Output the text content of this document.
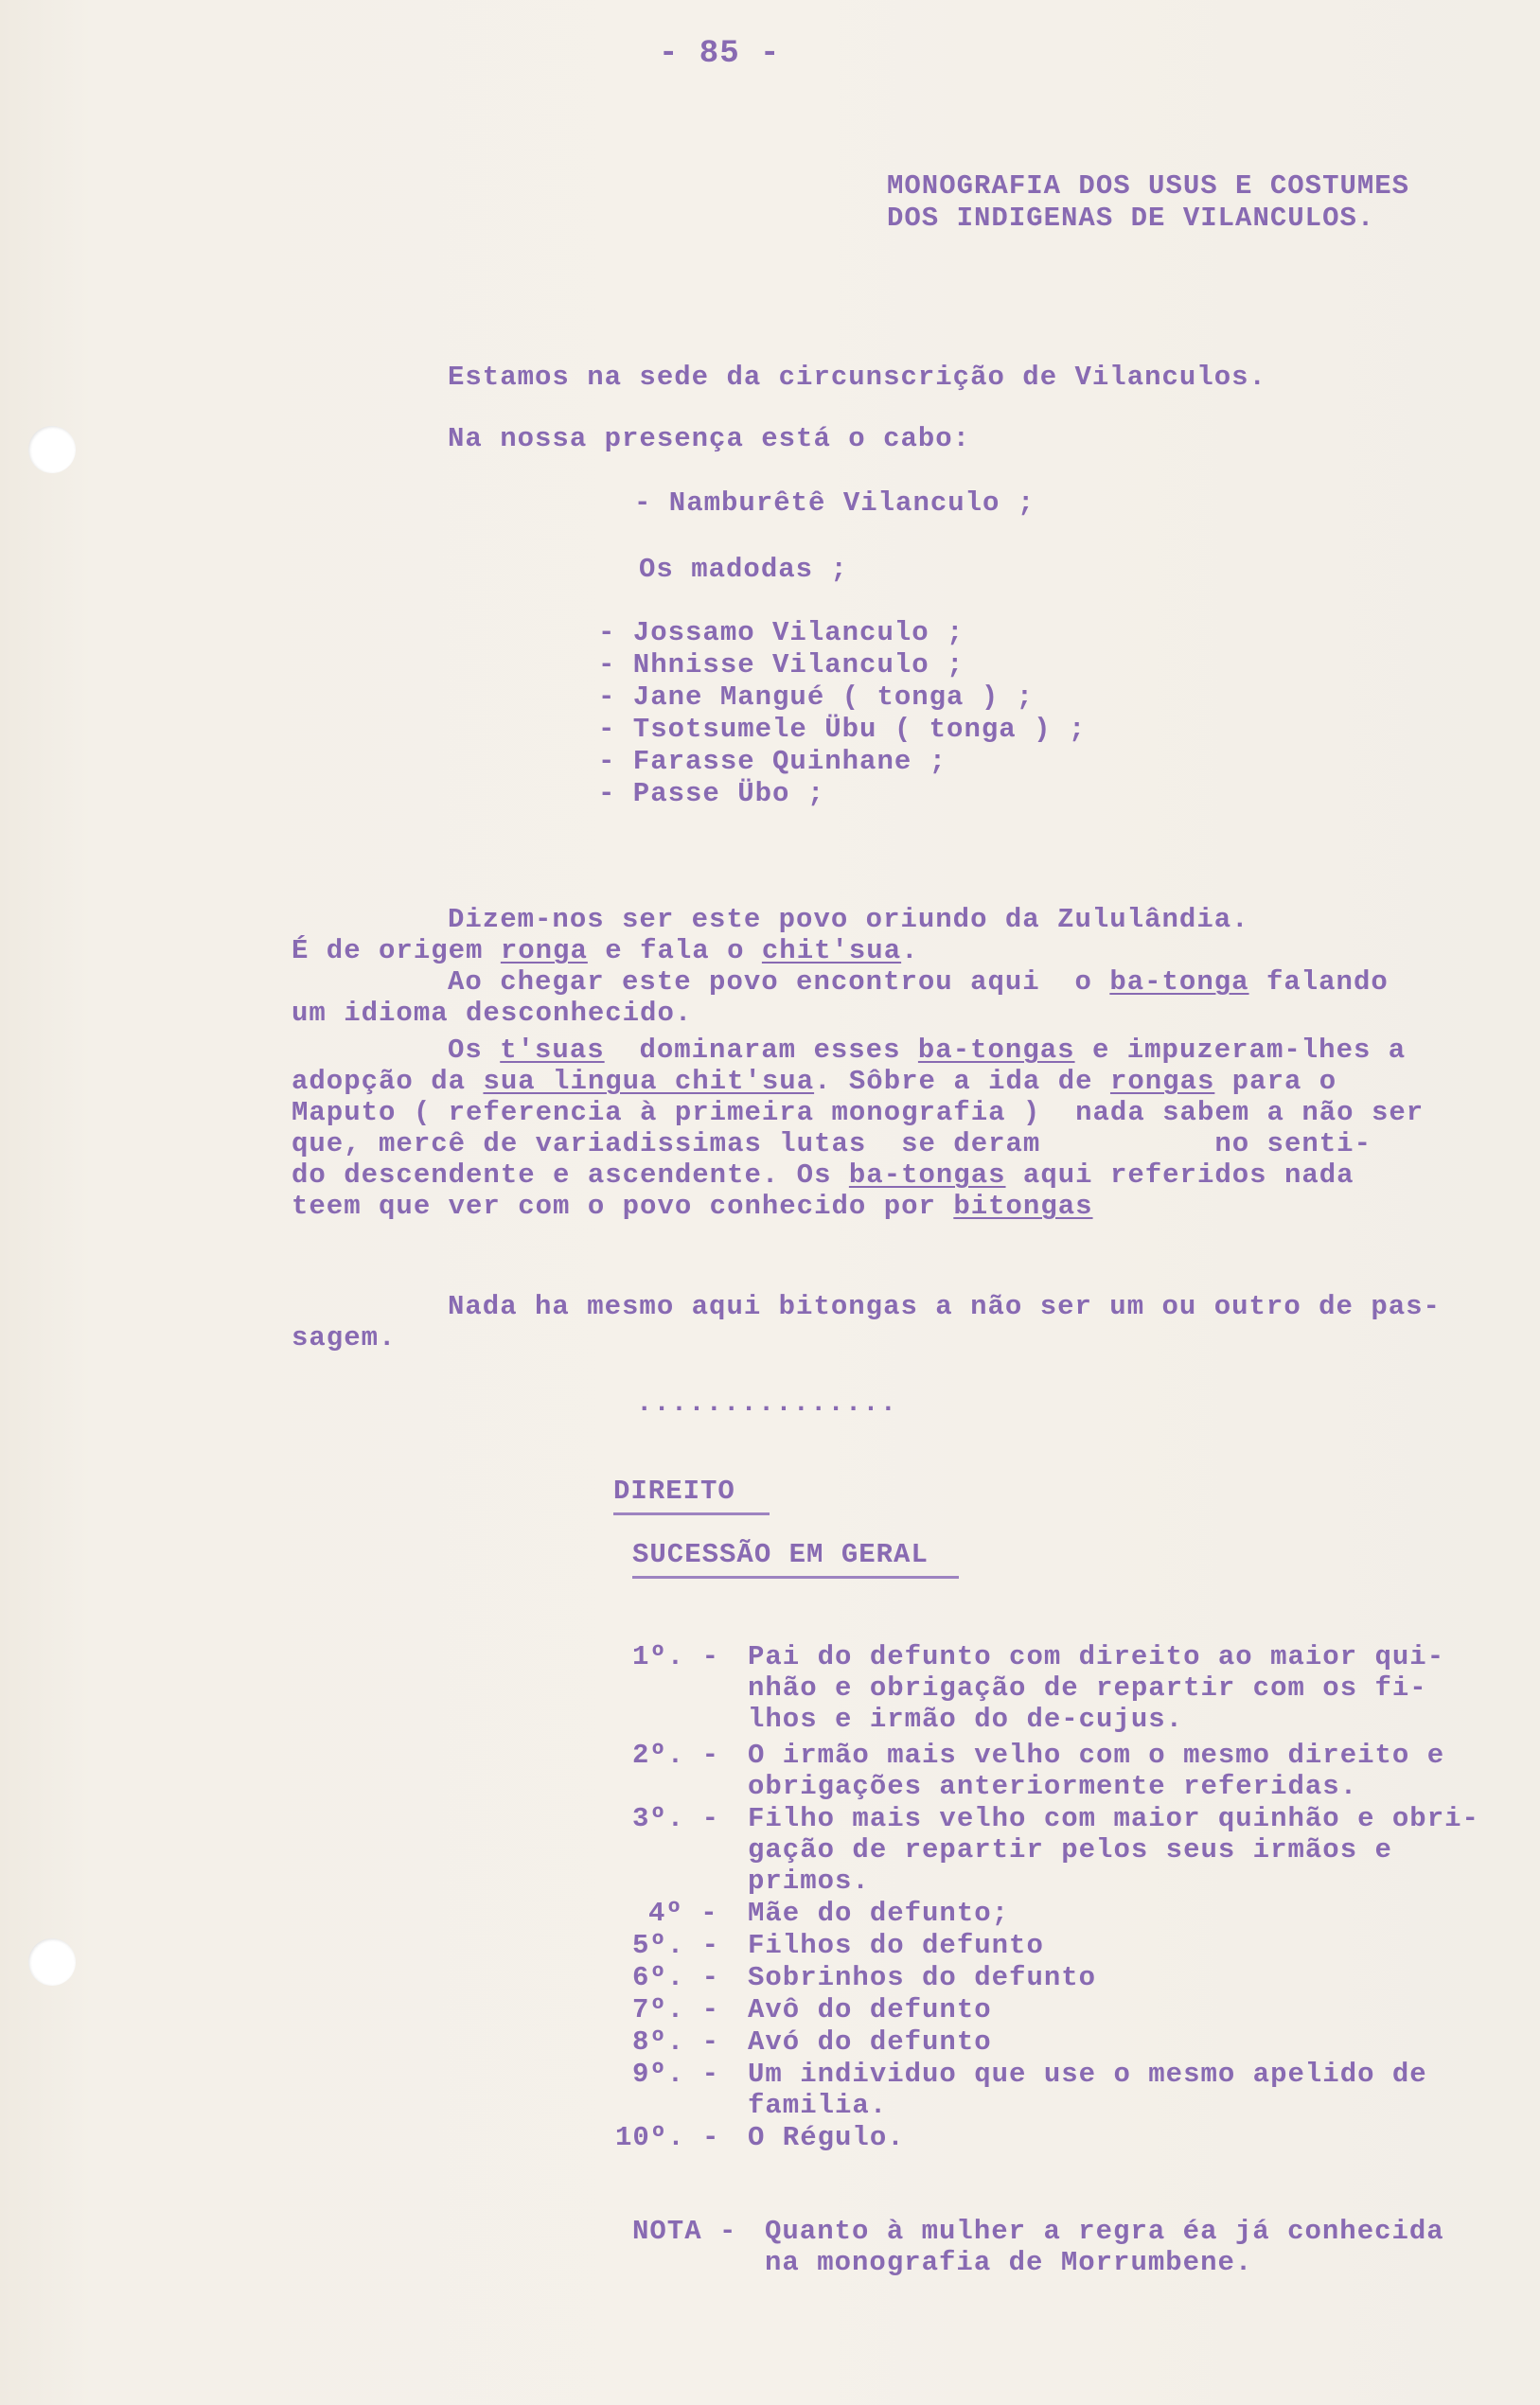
- 85 -
MONOGRAFIA DOS USUS E COSTUMES
DOS INDIGENAS DE VILANCULOS.
Estamos na sede da circunscrição de Vilanculos.
Na nossa presença está o cabo:
- Namburêtê Vilanculo ;
Os madodas ;
- Jossamo Vilanculo ;
- Nhnisse Vilanculo ;
- Jane Mangué ( tonga ) ;
- Tsotsumele Übu ( tonga ) ;
- Farasse Quinhane ;
- Passe Übo ;
Dizem-nos ser este povo oriundo da Zululândia.
É de origem ronga e fala o chit'sua.
Ao chegar este povo encontrou aqui  o ba-tonga falando
um idioma desconhecido.
Os t'suas  dominaram esses ba-tongas e impuzeram-lhes a
adopção da sua lingua chit'sua. Sôbre a ida de rongas para o
Maputo ( referencia à primeira monografia )  nada sabem a não ser
que, mercê de variadissimas lutas  se deram          no senti-
do descendente e ascendente. Os ba-tongas aqui referidos nada
teem que ver com o povo conhecido por bitongas
Nada ha mesmo aqui bitongas a não ser um ou outro de pas-
sagem.
...............
DIREITO
SUCESSÃO EM GERAL
1º. - Pai do defunto com direito ao maior qui-
nhão e obrigação de repartir com os fi-
lhos e irmão do de-cujus.
2º. - O irmão mais velho com o mesmo direito e
obrigações anteriormente referidas.
3º. - Filho mais velho com maior quinhão e obri-
gação de repartir pelos seus irmãos e
primos.
4º - Mãe do defunto;
5º. - Filhos do defunto
6º. - Sobrinhos do defunto
7º. - Avô do defunto
8º. - Avó do defunto
9º. - Um individuo que use o mesmo apelido de
familia.
10º. - O Régulo.
NOTA - Quanto à mulher a regra éa já conhecida
na monografia de Morrumbene.
